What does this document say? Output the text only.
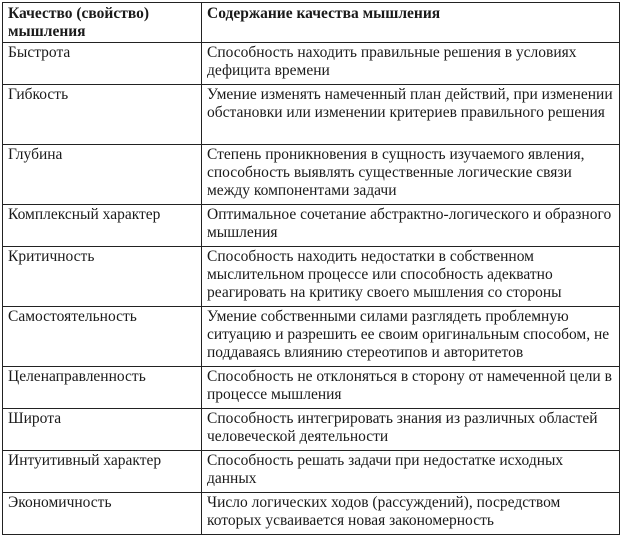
Качество (свойство) мышления	Содержание качества мышления
Быстрота	Способность находить правильные решения в условиях дефицита времени
Гибкость	Умение изменять намеченный план действий, при изменении обстановки или изменении критериев правильного решения
Глубина	Степень проникновения в сущность изучаемого явления, способность выявлять существенные логические связи между компонентами задачи
Комплексный характер	Оптимальное сочетание абстрактно-логического и образного мышления
Критичность	Способность находить недостатки в собственном мыслительном процессе или способность адекватно реагировать на критику своего мышления со стороны
Самостоятельность	Умение собственными силами разглядеть проблемную ситуацию и разрешить ее своим оригинальным способом, не поддаваясь влиянию стереотипов и авторитетов
Целенаправленность	Способность не отклоняться в сторону от намеченной цели в процессе мышления
Широта	Способность интегрировать знания из различных областей человеческой деятельности
Интуитивный характер	Способность решать задачи при недостатке исходных данных
Экономичность	Число логических ходов (рассуждений), посредством которых усваивается новая закономерность
